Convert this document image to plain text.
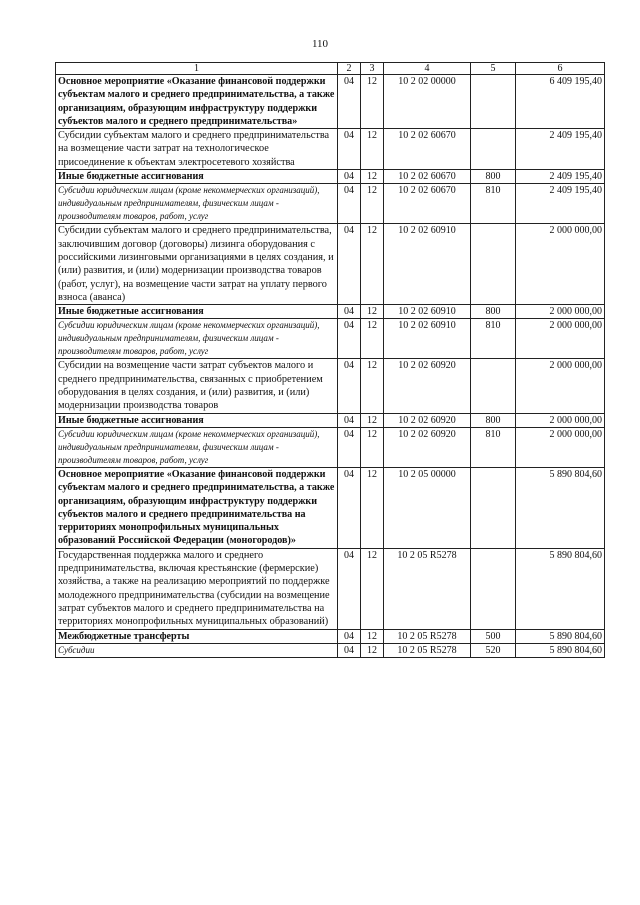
110
1	2	3	4	5	6
Основное мероприятие «Оказание финансовой поддержки субъектам малого и среднего предпринимательства, а также организациям, образующим инфраструктуру поддержки субъектов малого и среднего предпринимательства»	04	12	10 2 02 00000		6 409 195,40
Субсидии субъектам малого и среднего предпринимательства на возмещение части затрат на технологическое присоединение к объектам электросетевого хозяйства	04	12	10 2 02 60670		2 409 195,40
Иные бюджетные ассигнования	04	12	10 2 02 60670	800	2 409 195,40
Субсидии юридическим лицам (кроме некоммерческих организаций), индивидуальным предпринимателям, физическим лицам - производителям товаров, работ, услуг	04	12	10 2 02 60670	810	2 409 195,40
Субсидии субъектам малого и среднего предпринимательства, заключившим договор (договоры) лизинга оборудования с российскими лизинговыми организациями в целях создания, и (или) развития, и (или) модернизации производства товаров (работ, услуг), на возмещение части затрат на уплату первого взноса (аванса)	04	12	10 2 02 60910		2 000 000,00
Иные бюджетные ассигнования	04	12	10 2 02 60910	800	2 000 000,00
Субсидии юридическим лицам (кроме некоммерческих организаций), индивидуальным предпринимателям, физическим лицам - производителям товаров, работ, услуг	04	12	10 2 02 60910	810	2 000 000,00
Субсидии на возмещение части затрат субъектов малого и среднего предпринимательства, связанных с приобретением оборудования в целях создания, и (или) развития, и (или) модернизации производства товаров	04	12	10 2 02 60920		2 000 000,00
Иные бюджетные ассигнования	04	12	10 2 02 60920	800	2 000 000,00
Субсидии юридическим лицам (кроме некоммерческих организаций), индивидуальным предпринимателям, физическим лицам - производителям товаров, работ, услуг	04	12	10 2 02 60920	810	2 000 000,00
Основное мероприятие «Оказание финансовой поддержки субъектам малого и среднего предпринимательства, а также организациям, образующим инфраструктуру поддержки субъектов малого и среднего предпринимательства на территориях монопрофильных муниципальных образований Российской Федерации (моногородов)»	04	12	10 2 05 00000		5 890 804,60
Государственная поддержка малого и среднего предпринимательства, включая крестьянские (фермерские) хозяйства, а также на реализацию мероприятий по поддержке молодежного предпринимательства (субсидии на возмещение затрат субъектов малого и среднего предпринимательства на территориях монопрофильных муниципальных образований)	04	12	10 2 05 R5278		5 890 804,60
Межбюджетные трансферты	04	12	10 2 05 R5278	500	5 890 804,60
Субсидии	04	12	10 2 05 R5278	520	5 890 804,60
